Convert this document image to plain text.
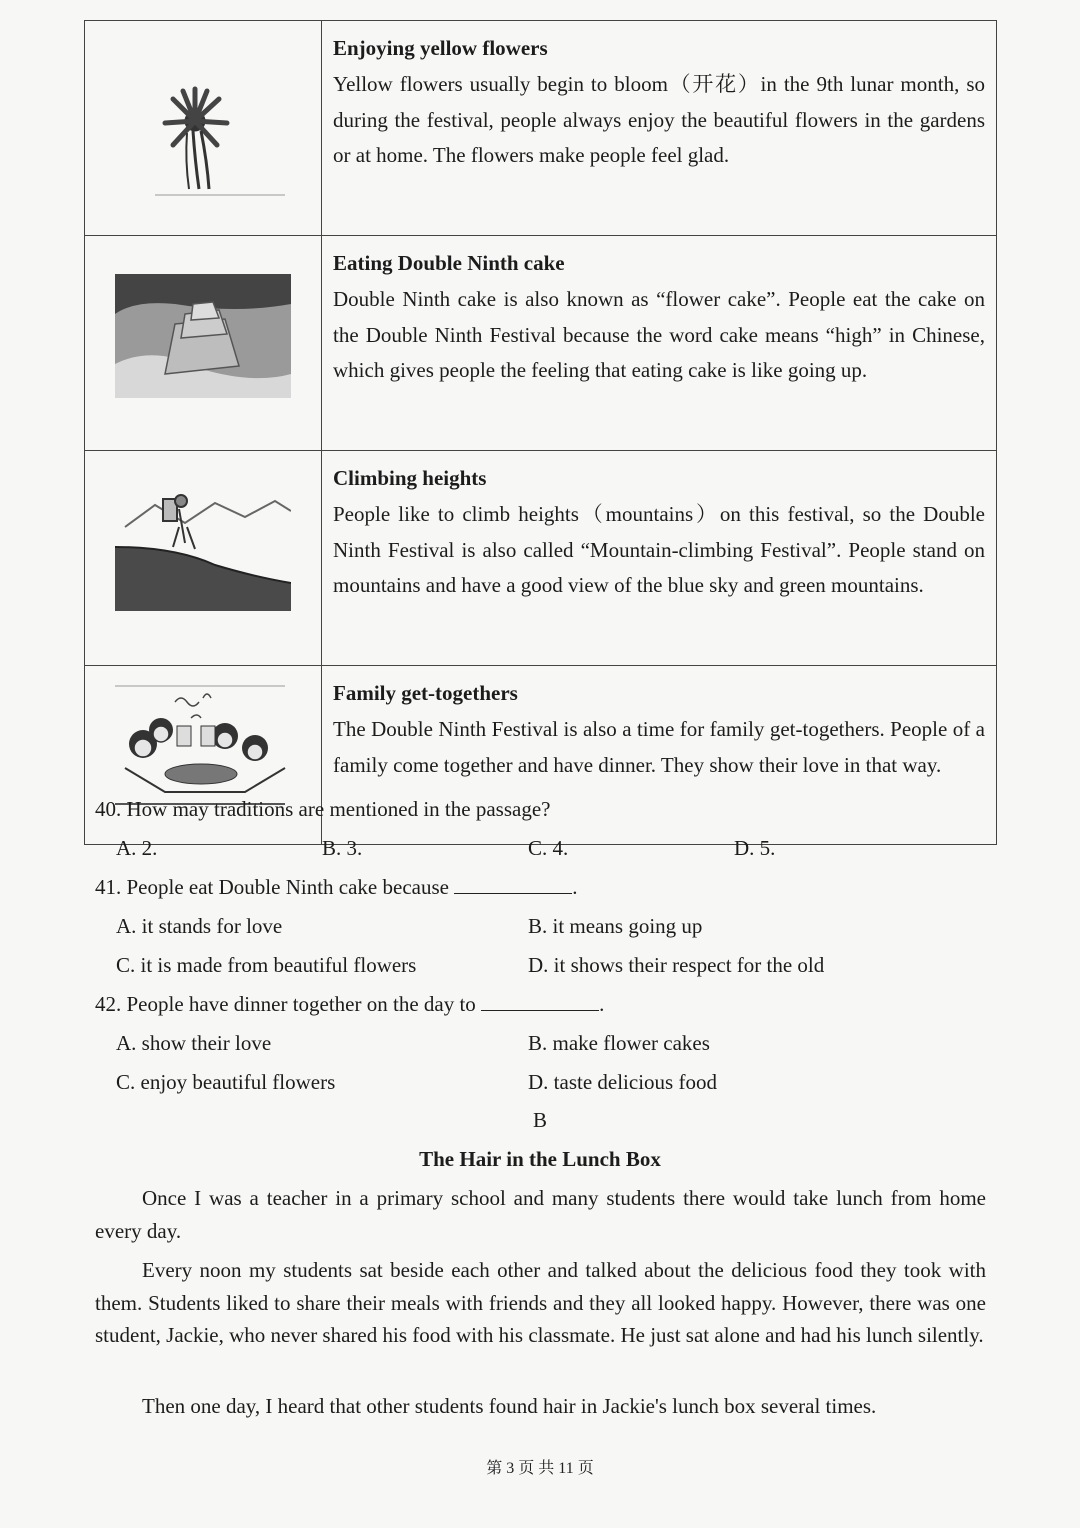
Enjoying yellow flowers
Yellow flowers usually begin to bloom（开花）in the 9th lunar month, so during the festival, people always enjoy the beautiful flowers in the gardens or at home. The flowers make people feel glad.

Eating Double Ninth cake
Double Ninth cake is also known as “flower cake”. People eat the cake on the Double Ninth Festival because the word cake means “high” in Chinese, which gives people the feeling that eating cake is like going up.

Climbing heights
People like to climb heights（mountains）on this festival, so the Double Ninth Festival is also called “Mountain-climbing Festival”. People stand on mountains and have a good view of the blue sky and green mountains.

Family get-togethers
The Double Ninth Festival is also a time for family get-togethers. People of a family come together and have dinner. They show their love in that way.
40. How may traditions are mentioned in the passage?
A. 2.	B. 3.	C. 4.	D. 5.
41. People eat Double Ninth cake because	.
A. it stands for love	B. it means going up
C. it is made from beautiful flowers	D. it shows their respect for the old
42. People have dinner together on the day to	.
A. show their love	B. make flower cakes
C. enjoy beautiful flowers	D. taste delicious food
B
The Hair in the Lunch Box
Once I was a teacher in a primary school and many students there would take lunch from home every day.
Every noon my students sat beside each other and talked about the delicious food they took with them. Students liked to share their meals with friends and they all looked happy. However, there was one student, Jackie, who never shared his food with his classmate. He just sat alone and had his lunch silently.
Then one day, I heard that other students found hair in Jackie's lunch box several times.
第 3 页 共 11 页
